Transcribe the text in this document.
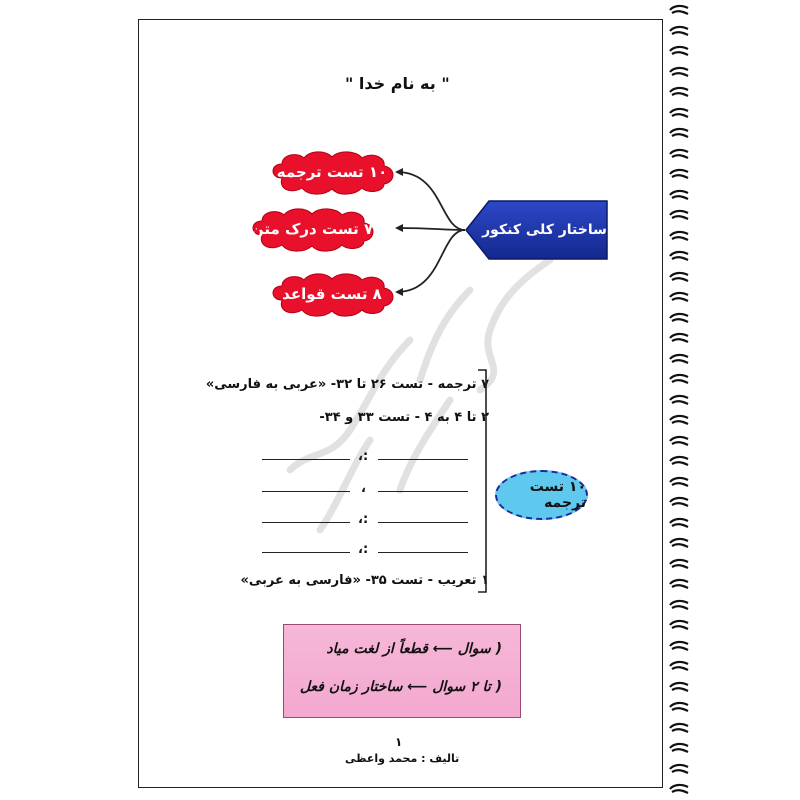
" به نام خدا "
۱۰ تست ترجمه
۷ تست درک متن
۸ تست قواعد
ساختار کلی کنکور
۷ ترجمه - تست ۲۶ تا ۳۲- «عربی به فارسی»
۲ تا ۴ به ۴ - تست ۳۳ و ۳۴-
:،
،
:،
:،
۱ تعریب - تست ۳۵- «فارسی به عربی»
۱۰ تست ترجمه
( سوال ⟵ قطعاً از لغت میاد
( تا ۲ سوال ⟵ ساختار زمان فعل
۱
تالیف : محمد واعظی
